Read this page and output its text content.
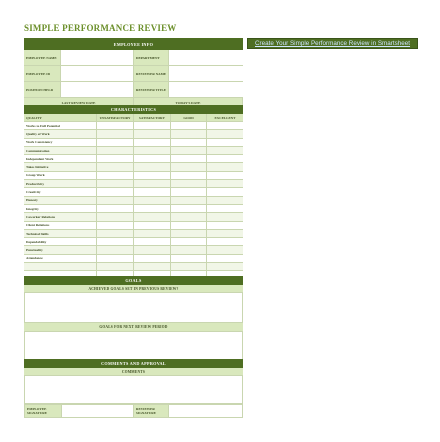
SIMPLE PERFORMANCE REVIEW
Create Your Simple Performance Review in Smartsheet
EMPLOYEE INFO
EMPLOYEE NAME	DEPARTMENT
EMPLOYEE ID	REVIEWER NAME
POSITION HELD	REVIEWER TITLE
LAST REVIEW DATE	TODAY'S DATE
CHARACTERISTICS
QUALITY	UNSATISFACTORY	SATISFACTORY	GOOD	EXCELLENT
Works to Full Potential
Quality of Work
Work Consistency
Communication
Independent Work
Takes Initiative
Group Work
Productivity
Creativity
Honesty
Integrity
Coworker Relations
Client Relations
Technical Skills
Dependability
Punctuality
Attendance
GOALS
ACHIEVED GOALS SET IN PREVIOUS REVIEW?
GOALS FOR NEXT REVIEW PERIOD
COMMENTS AND APPROVAL
COMMENTS
EMPLOYEE SIGNATURE
REVIEWER SIGNATURE
